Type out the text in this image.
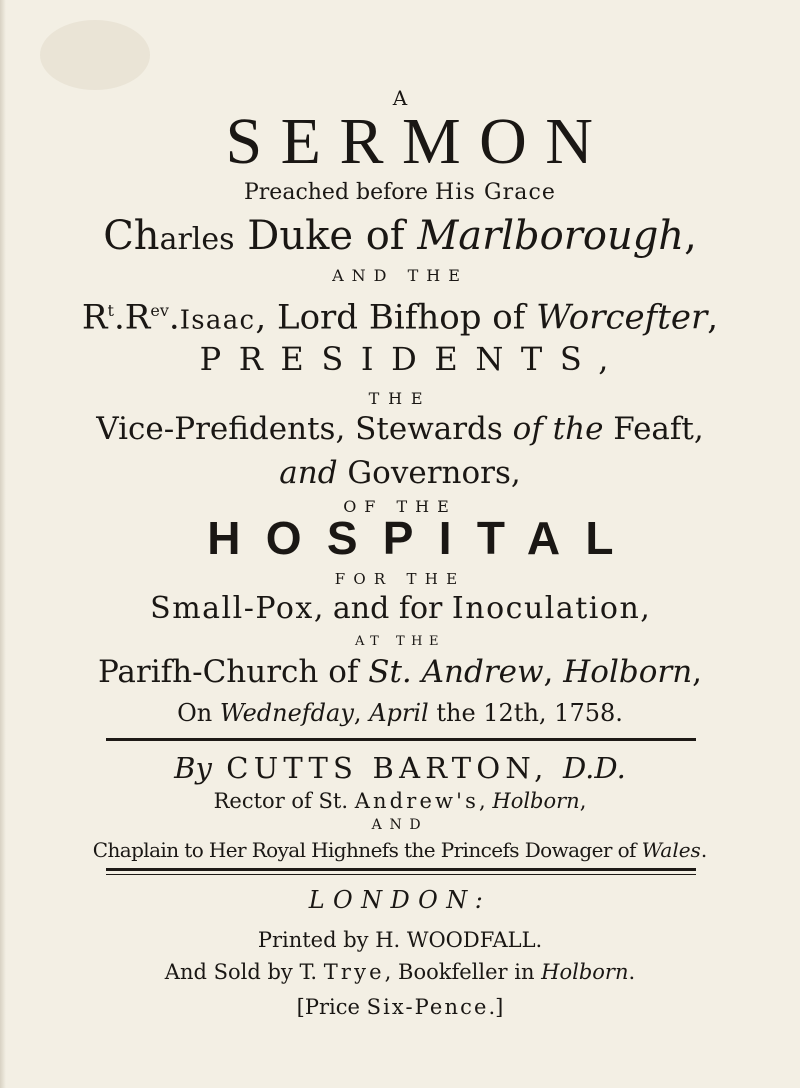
A
SERMON
Preached before His Grace
Charles Duke of Marlborough,
AND THE
$R^t.R^{ev}.Isaac$, Lord Bifhop of Worcefter,
PRESIDENTS,
THE
Vice-Prefidents, Stewards of the Feaft,
and Governors,
OF THE
HOSPITAL
FOR THE
Small-Pox, and for Inoculation,
AT THE
Parifh-Church of St. Andrew, Holborn,
On Wednefday, April the 12th, 1758.
By CUTTS BARTON, D.D.
Rector of St. Andrew's, Holborn,
AND
Chaplain to Her Royal Highnefs the Princefs Dowager of Wales.
LONDON:
Printed by H. WOODFALL.
And Sold by T. Trye, Bookfeller in Holborn.
[Price Six-Pence.]
